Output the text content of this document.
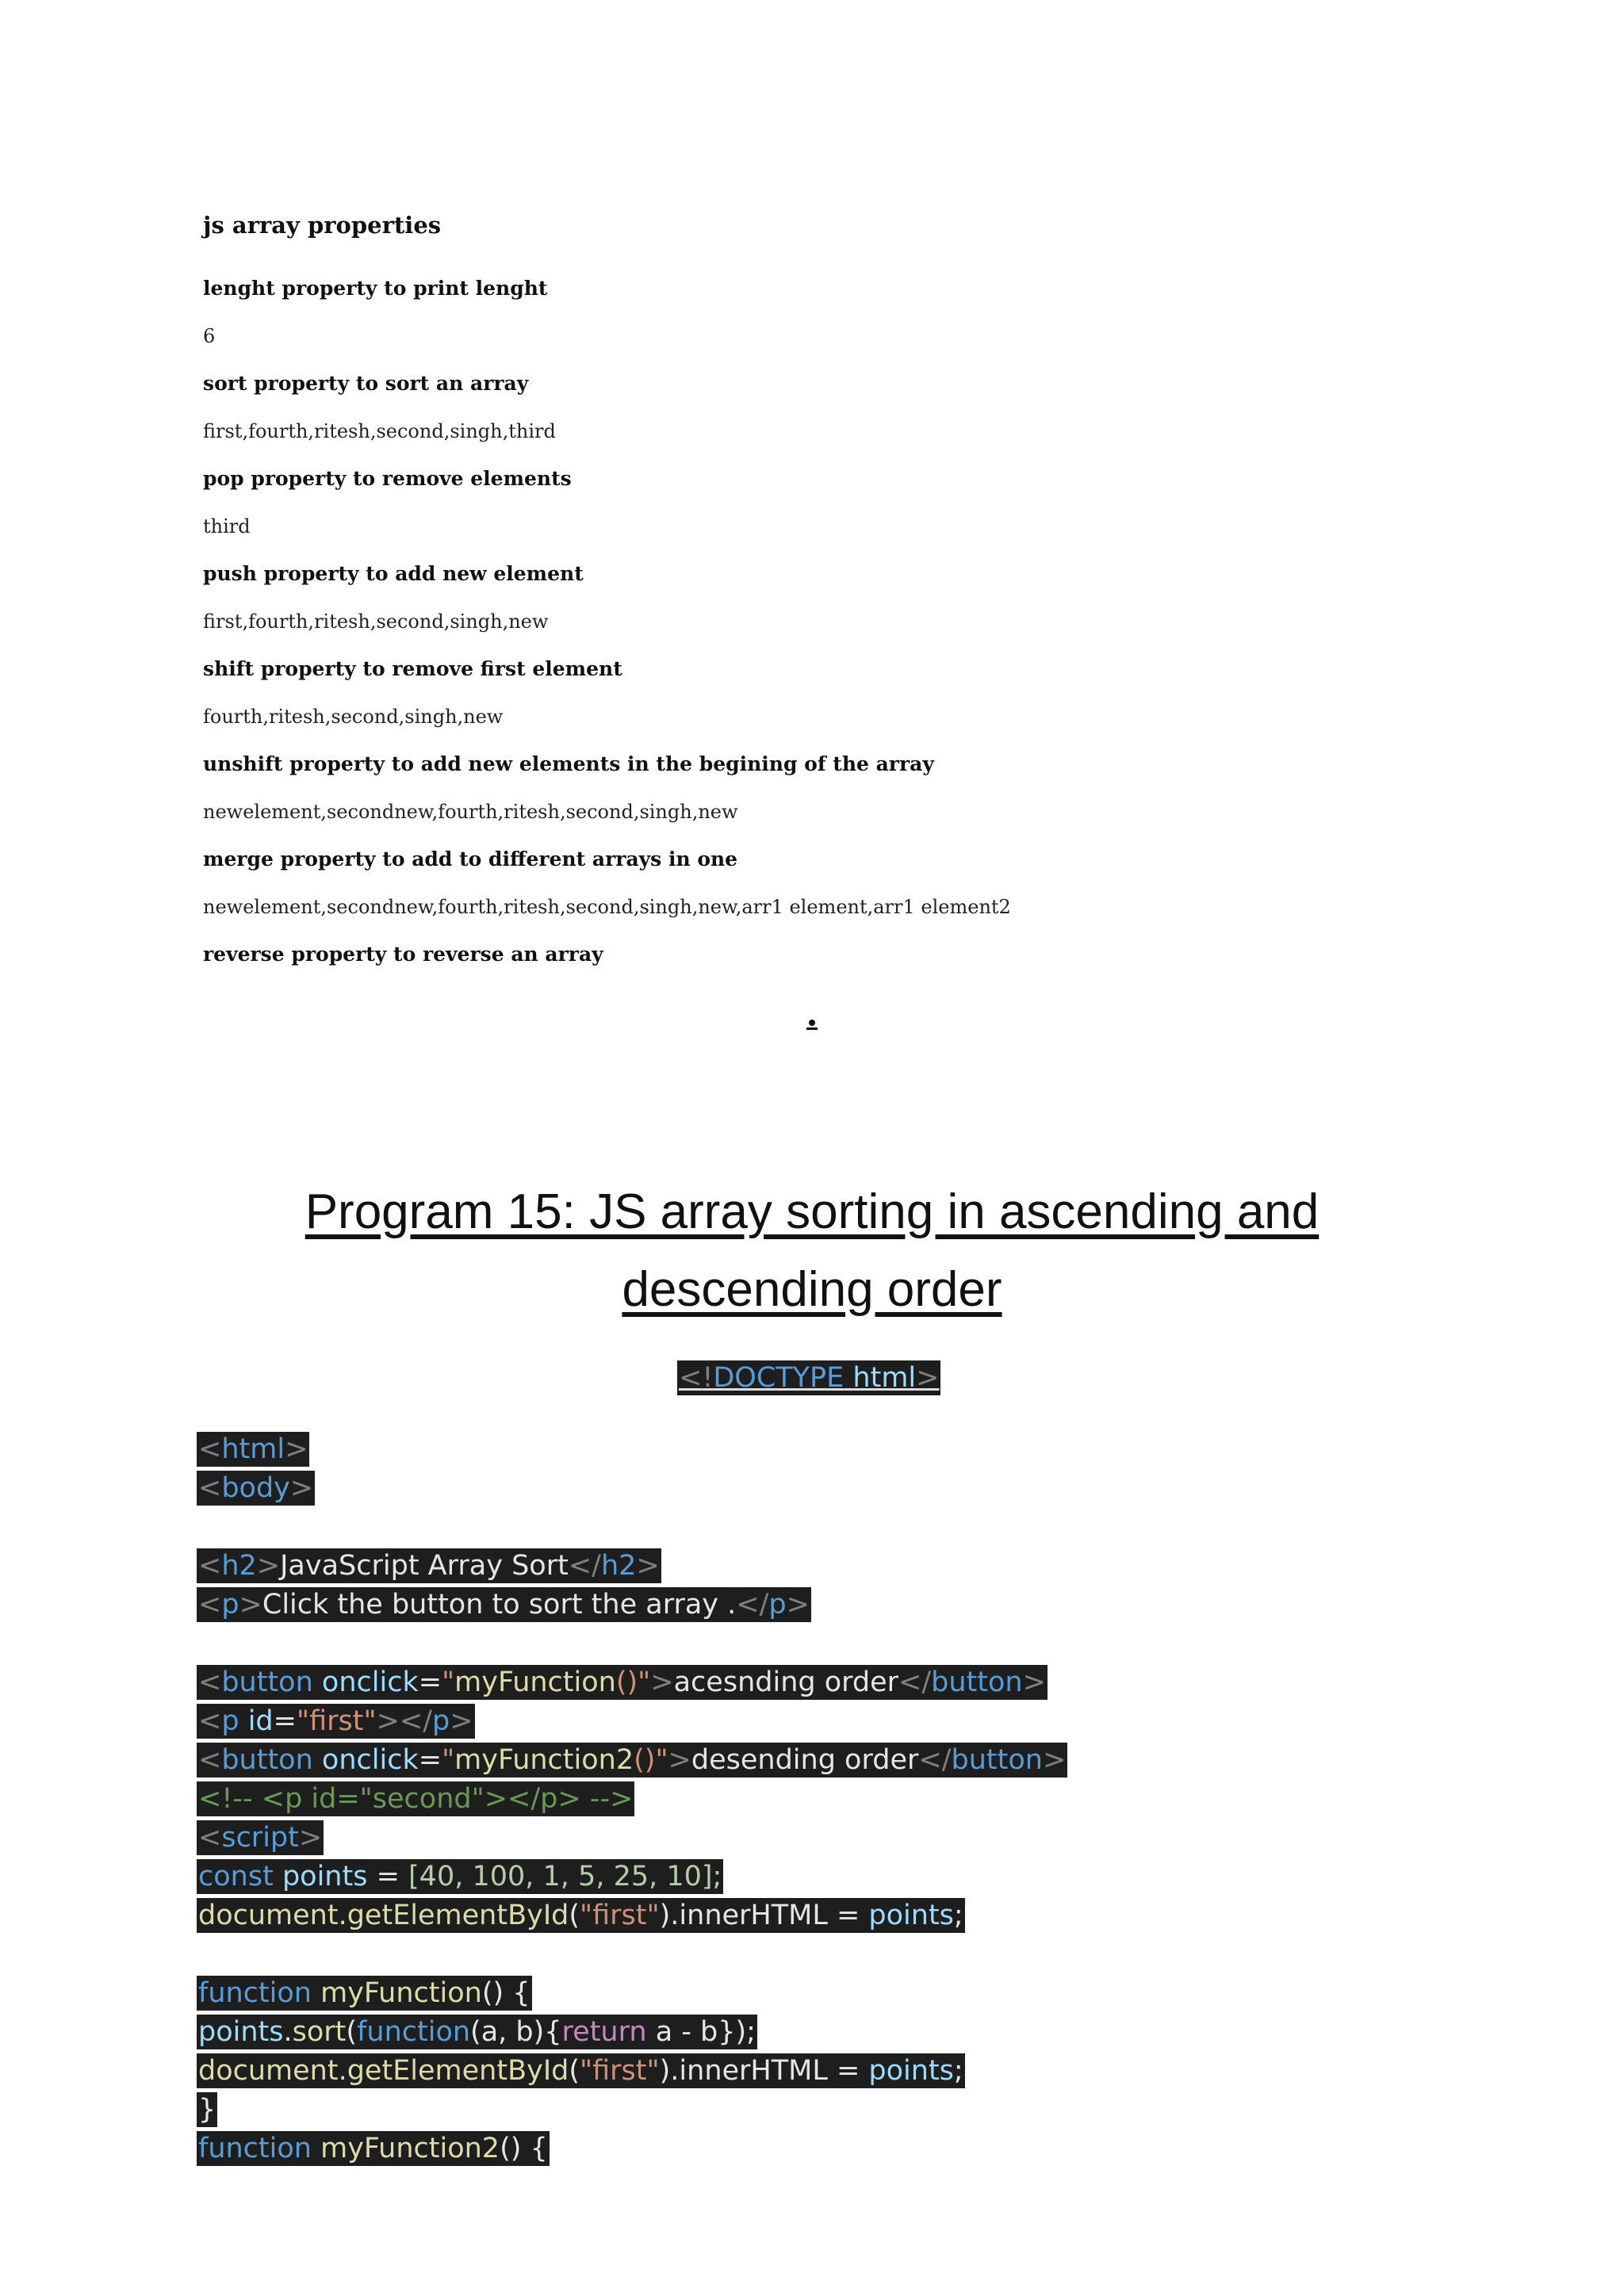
js array properties
lenght property to print lenght
6
sort property to sort an array
first,fourth,ritesh,second,singh,third
pop property to remove elements
third
push property to add new element
first,fourth,ritesh,second,singh,new
shift property to remove first element
fourth,ritesh,second,singh,new
unshift property to add new elements in the begining of the array
newelement,secondnew,fourth,ritesh,second,singh,new
merge property to add to different arrays in one
newelement,secondnew,fourth,ritesh,second,singh,new,arr1 element,arr1 element2
reverse property to reverse an array
Program 15: JS array sorting in ascending and
descending order
<!DOCTYPE html>
<html>
<body>
<h2>JavaScript Array Sort</h2>
<p>Click the button to sort the array .</p>
<button onclick="myFunction()">acesnding order</button>
<p id="first"></p>
<button onclick="myFunction2()">desending order</button>
<!-- <p id="second"></p> -->
<script>
const points = [40, 100, 1, 5, 25, 10];
document.getElementById("first").innerHTML = points;
function myFunction() {
points.sort(function(a, b){return a - b});
document.getElementById("first").innerHTML = points;
}
function myFunction2() {
